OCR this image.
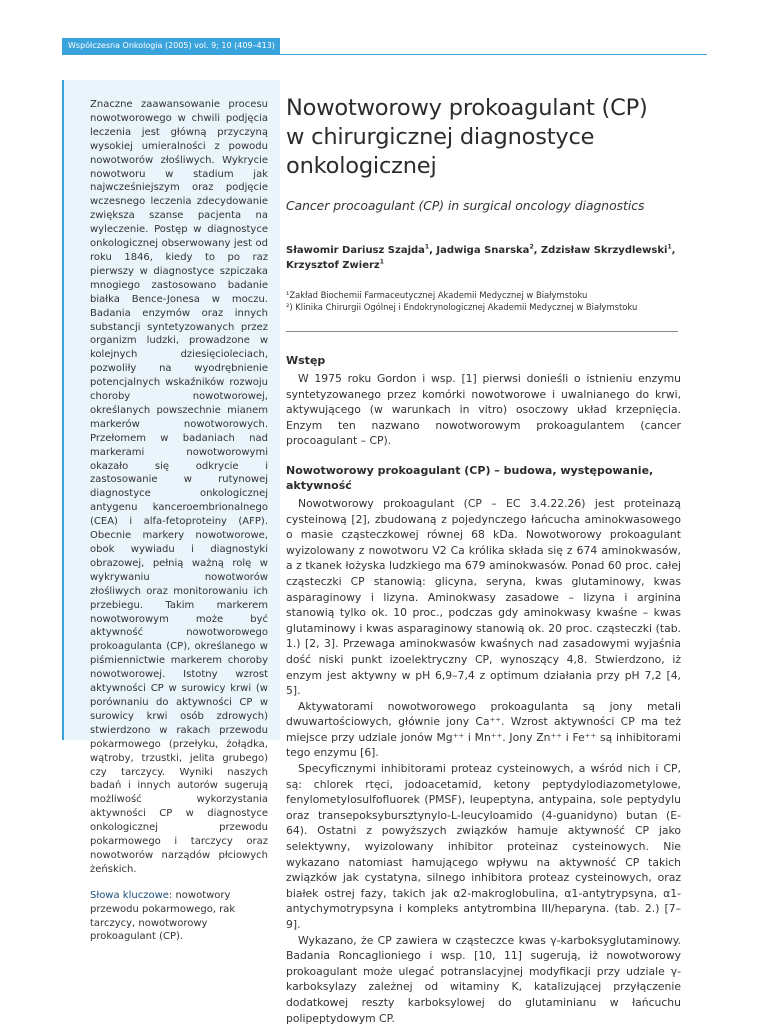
Współczesna Onkologia (2005) vol. 9; 10 (409–413)

Znaczne zaawansowanie procesu nowotworowego w chwili podjęcia leczenia jest główną przyczyną wysokiej umieralności z powodu nowotworów złośliwych. Wykrycie nowotworu w stadium jak najwcześniejszym oraz podjęcie wczesnego leczenia zdecydowanie zwiększa szanse pacjenta na wyleczenie. Postęp w diagnostyce onkologicznej obserwowany jest od roku 1846, kiedy to po raz pierwszy w diagnostyce szpiczaka mnogiego zastosowano badanie białka Bence-Jonesa w moczu. Badania enzymów oraz innych substancji syntetyzowanych przez organizm ludzki, prowadzone w kolejnych dziesięcioleciach, pozwoliły na wyodrębnienie potencjalnych wskaźników rozwoju choroby nowotworowej, określanych powszechnie mianem markerów nowotworowych. Przełomem w badaniach nad markerami nowotworowymi okazało się odkrycie i zastosowanie w rutynowej diagnostyce onkologicznej antygenu kanceroembrionalnego (CEA) i alfa-fetoproteiny (AFP). Obecnie markery nowotworowe, obok wywiadu i diagnostyki obrazowej, pełnią ważną rolę w wykrywaniu nowotworów złośliwych oraz monitorowaniu ich przebiegu. Takim markerem nowotworowym może być aktywność nowotworowego prokoagulanta (CP), określanego w piśmiennictwie markerem choroby nowotworowej. Istotny wzrost aktywności CP w surowicy krwi (w porównaniu do aktywności CP w surowicy krwi osób zdrowych) stwierdzono w rakach przewodu pokarmowego (przełyku, żołądka, wątroby, trzustki, jelita grubego) czy tarczycy. Wyniki naszych badań i innych autorów sugerują możliwość wykorzystania aktywności CP w diagnostyce onkologicznej przewodu pokarmowego i tarczycy oraz nowotworów narządów płciowych żeńskich.

Słowa kluczowe: nowotwory przewodu pokarmowego, rak tarczycy, nowotworowy prokoagulant (CP).

Nowotworowy prokoagulant (CP)
w chirurgicznej diagnostyce
onkologicznej
Cancer procoagulant (CP) in surgical oncology diagnostics
Sławomir Dariusz Szajda$^1$, Jadwiga Snarska$^2$, Zdzisław Skrzydlewski$^1$,
Krzysztof Zwierz$^1$
¹Zakład Biochemii Farmaceutycznej Akademii Medycznej w Białymstoku
²) Klinika Chirurgii Ogólnej i Endokrynologicznej Akademii Medycznej w Białymstoku
Wstęp

W 1975 roku Gordon i wsp. [1] pierwsi donieśli o istnieniu enzymu syntetyzowanego przez komórki nowotworowe i uwalnianego do krwi, aktywującego (w warunkach in vitro) osoczowy układ krzepnięcia. Enzym ten nazwano nowotworowym prokoagulantem (cancer procoagulant – CP).

Nowotworowy prokoagulant (CP) – budowa, występowanie, aktywność

Nowotworowy prokoagulant (CP – EC 3.4.22.26) jest proteinazą cysteinową [2], zbudowaną z pojedynczego łańcucha aminokwasowego o masie cząsteczkowej równej 68 kDa. Nowotworowy prokoagulant wyizolowany z nowotworu V2 Ca królika składa się z 674 aminokwasów, a z tkanek łożyska ludzkiego ma 679 aminokwasów. Ponad 60 proc. całej cząsteczki CP stanowią: glicyna, seryna, kwas glutaminowy, kwas asparaginowy i lizyna. Aminokwasy zasadowe – lizyna i arginina stanowią tylko ok. 10 proc., podczas gdy aminokwasy kwaśne – kwas glutaminowy i kwas asparaginowy stanowią ok. 20 proc. cząsteczki (tab. 1.) [2, 3]. Przewaga aminokwasów kwaśnych nad zasadowymi wyjaśnia dość niski punkt izoelektryczny CP, wynoszący 4,8. Stwierdzono, iż enzym jest aktywny w pH 6,9–7,4 z optimum działania przy pH 7,2 [4, 5].

Aktywatorami nowotworowego prokoagulanta są jony metali dwuwartościowych, głównie jony Ca⁺⁺. Wzrost aktywności CP ma też miejsce przy udziale jonów Mg⁺⁺ i Mn⁺⁺. Jony Zn⁺⁺ i Fe⁺⁺ są inhibitorami tego enzymu [6].

Specyficznymi inhibitorami proteaz cysteinowych, a wśród nich i CP, są: chlorek rtęci, jodoacetamid, ketony peptydylodiazometylowe, fenylometylosulfofluorek (PMSF), leupeptyna, antypaina, sole peptydylu oraz transepoksybursztynylo-L-leucyloamido (4-guanidyno) butan (E-64). Ostatni z powyższych związków hamuje aktywność CP jako selektywny, wyizolowany inhibitor proteinaz cysteinowych. Nie wykazano natomiast hamującego wpływu na aktywność CP takich związków jak cystatyna, silnego inhibitora proteaz cysteinowych, oraz białek ostrej fazy, takich jak α2-makroglobulina, α1-antytrypsyna, α1-antychymotrypsyna i kompleks antytrombina III/heparyna. (tab. 2.) [7–9].

Wykazano, że CP zawiera w cząsteczce kwas γ-karboksyglutaminowy. Badania Roncaglioniego i wsp. [10, 11] sugerują, iż nowotworowy prokoagulant może ulegać potranslacyjnej modyfikacji przy udziale γ-karboksylazy zależnej od witaminy K, katalizującej przyłączenie dodatkowej reszty karboksylowej do glutaminianu w łańcuchu polipeptydowym CP.
